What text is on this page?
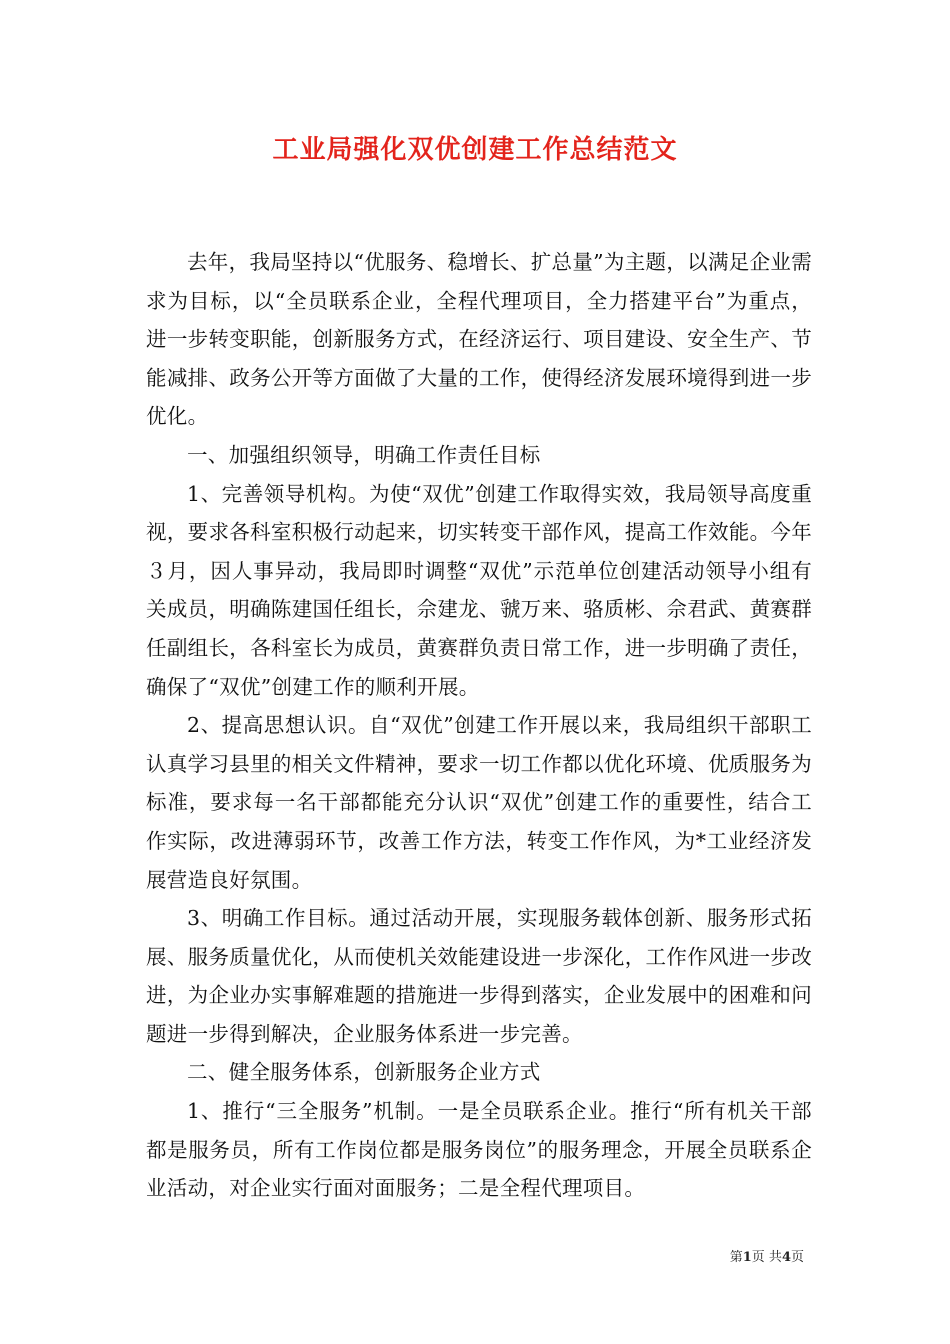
工业局强化双优创建工作总结范文

去年，我局坚持以“优服务、稳增长、扩总量”为主题，以满足企业需求为目标，以“全员联系企业，全程代理项目，全力搭建平台”为重点，进一步转变职能，创新服务方式，在经济运行、项目建设、安全生产、节能减排、政务公开等方面做了大量的工作，使得经济发展环境得到进一步优化。

一、加强组织领导，明确工作责任目标

1、完善领导机构。为使“双优”创建工作取得实效，我局领导高度重视，要求各科室积极行动起来，切实转变干部作风，提高工作效能。今年３月，因人事异动，我局即时调整“双优”示范单位创建活动领导小组有关成员，明确陈建国任组长，佘建龙、虢万来、骆质彬、佘君武、黄赛群任副组长，各科室长为成员，黄赛群负责日常工作，进一步明确了责任，确保了“双优”创建工作的顺利开展。

2、提高思想认识。自“双优”创建工作开展以来，我局组织干部职工认真学习县里的相关文件精神，要求一切工作都以优化环境、优质服务为标准，要求每一名干部都能充分认识“双优”创建工作的重要性，结合工作实际，改进薄弱环节，改善工作方法，转变工作作风，为*工业经济发展营造良好氛围。

3、明确工作目标。通过活动开展，实现服务载体创新、服务形式拓展、服务质量优化，从而使机关效能建设进一步深化，工作作风进一步改进，为企业办实事解难题的措施进一步得到落实，企业发展中的困难和问题进一步得到解决，企业服务体系进一步完善。

二、健全服务体系，创新服务企业方式

1、推行“三全服务”机制。一是全员联系企业。推行“所有机关干部都是服务员，所有工作岗位都是服务岗位”的服务理念，开展全员联系企业活动，对企业实行面对面服务；二是全程代理项目。

第1页 共4页
